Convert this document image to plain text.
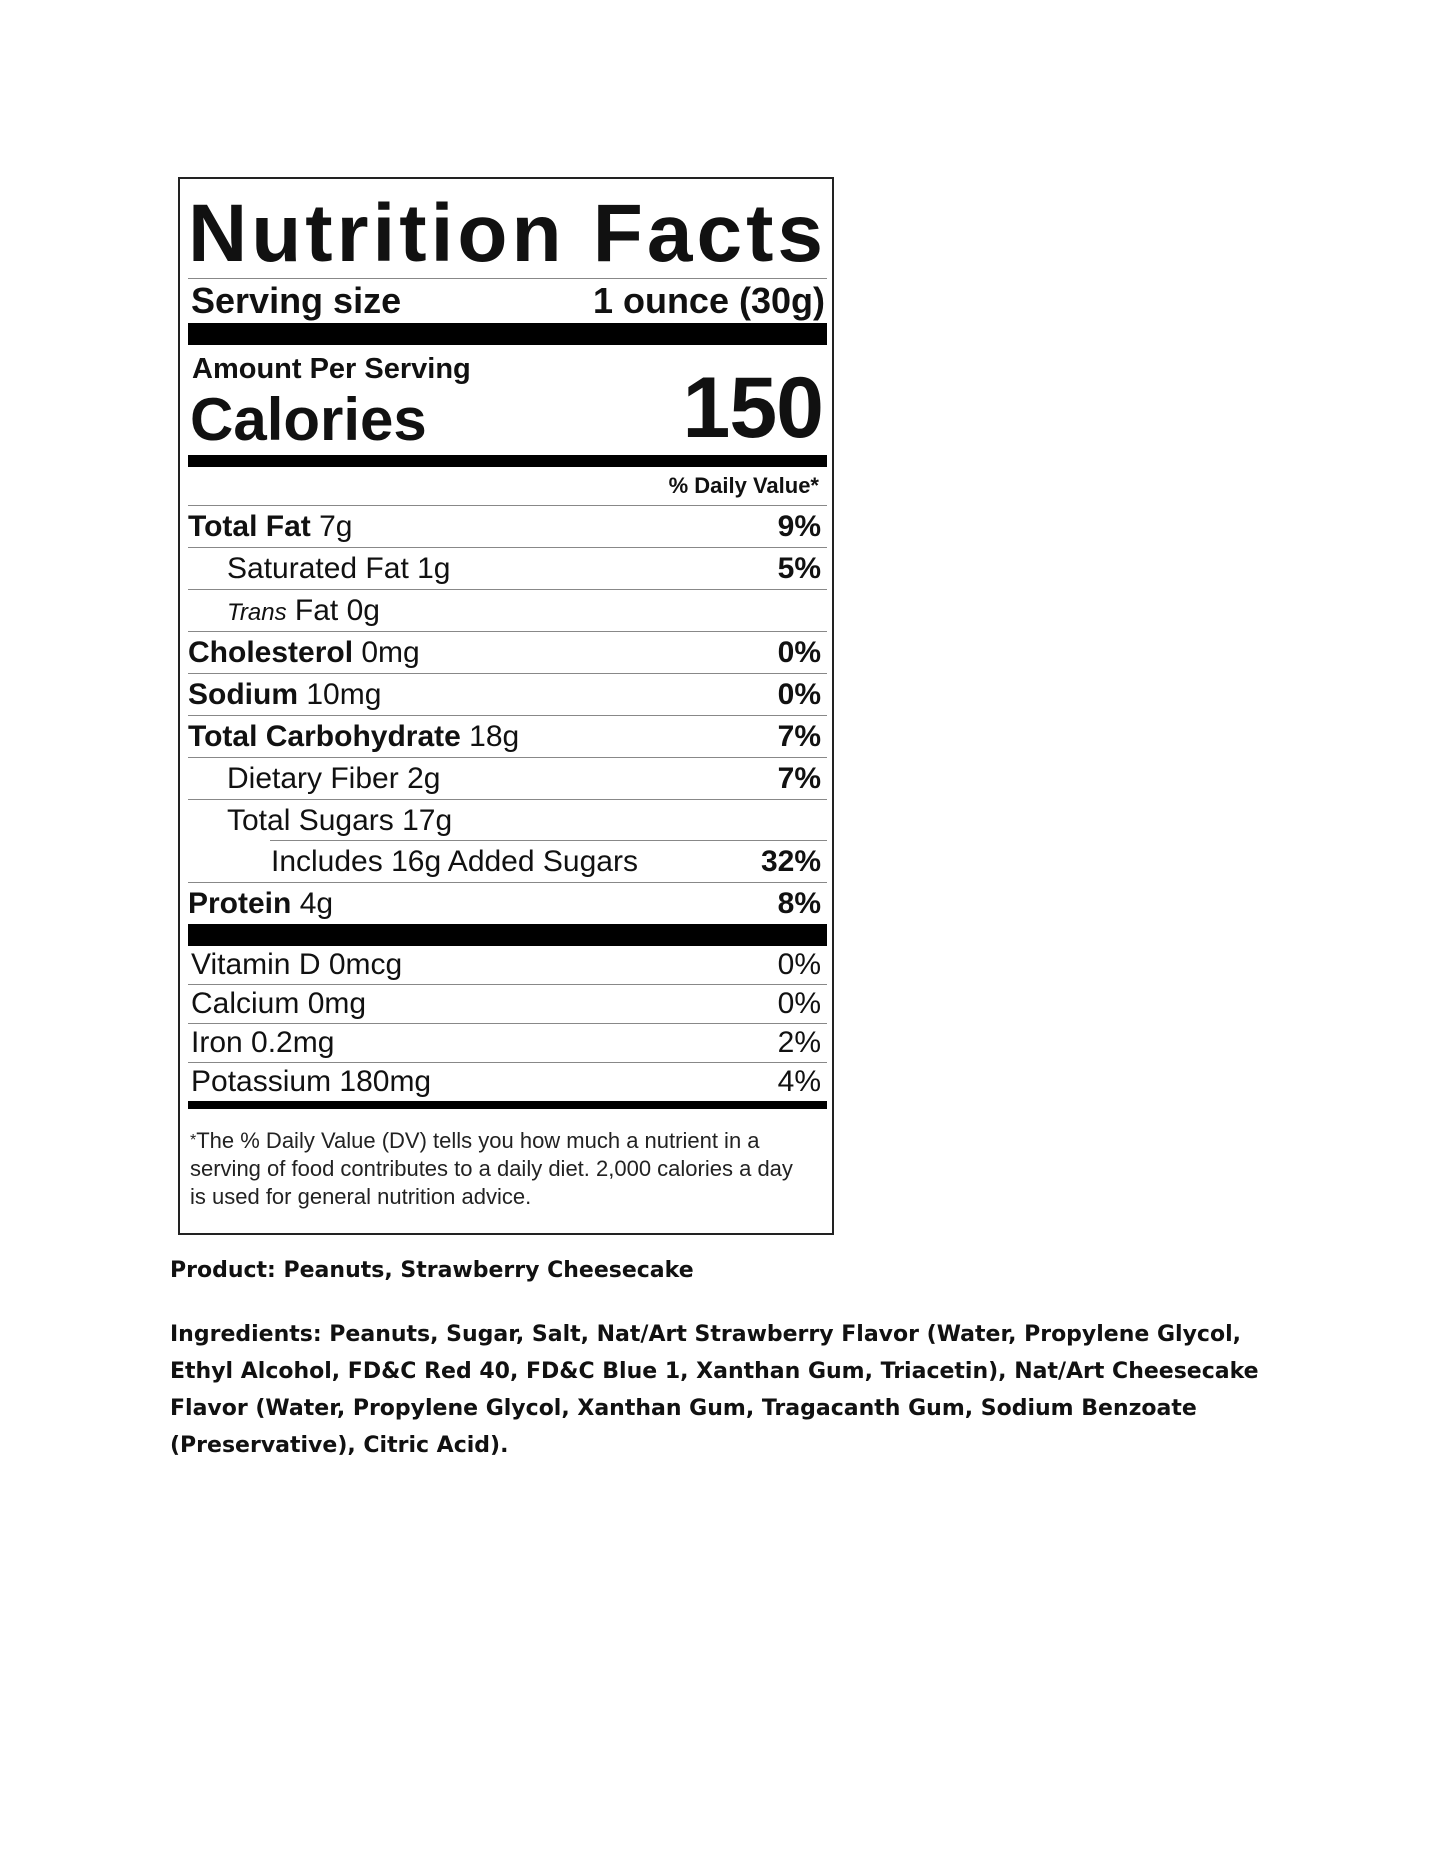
Nutrition Facts
Serving size	1 ounce (30g)
Amount Per Serving
Calories	150
% Daily Value*
Total Fat 7g	9%
Saturated Fat 1g	5%
Trans Fat 0g
Cholesterol 0mg	0%
Sodium 10mg	0%
Total Carbohydrate 18g	7%
Dietary Fiber 2g	7%
Total Sugars 17g
Includes 16g Added Sugars	32%
Protein 4g	8%
Vitamin D 0mcg	0%
Calcium 0mg	0%
Iron 0.2mg	2%
Potassium 180mg	4%
*The % Daily Value (DV) tells you how much a nutrient in a serving of food contributes to a daily diet. 2,000 calories a day is used for general nutrition advice.
Product: Peanuts, Strawberry Cheesecake
Ingredients: Peanuts, Sugar, Salt, Nat/Art Strawberry Flavor (Water, Propylene Glycol, Ethyl Alcohol, FD&C Red 40, FD&C Blue 1, Xanthan Gum, Triacetin), Nat/Art Cheesecake Flavor (Water, Propylene Glycol, Xanthan Gum, Tragacanth Gum, Sodium Benzoate (Preservative), Citric Acid).
